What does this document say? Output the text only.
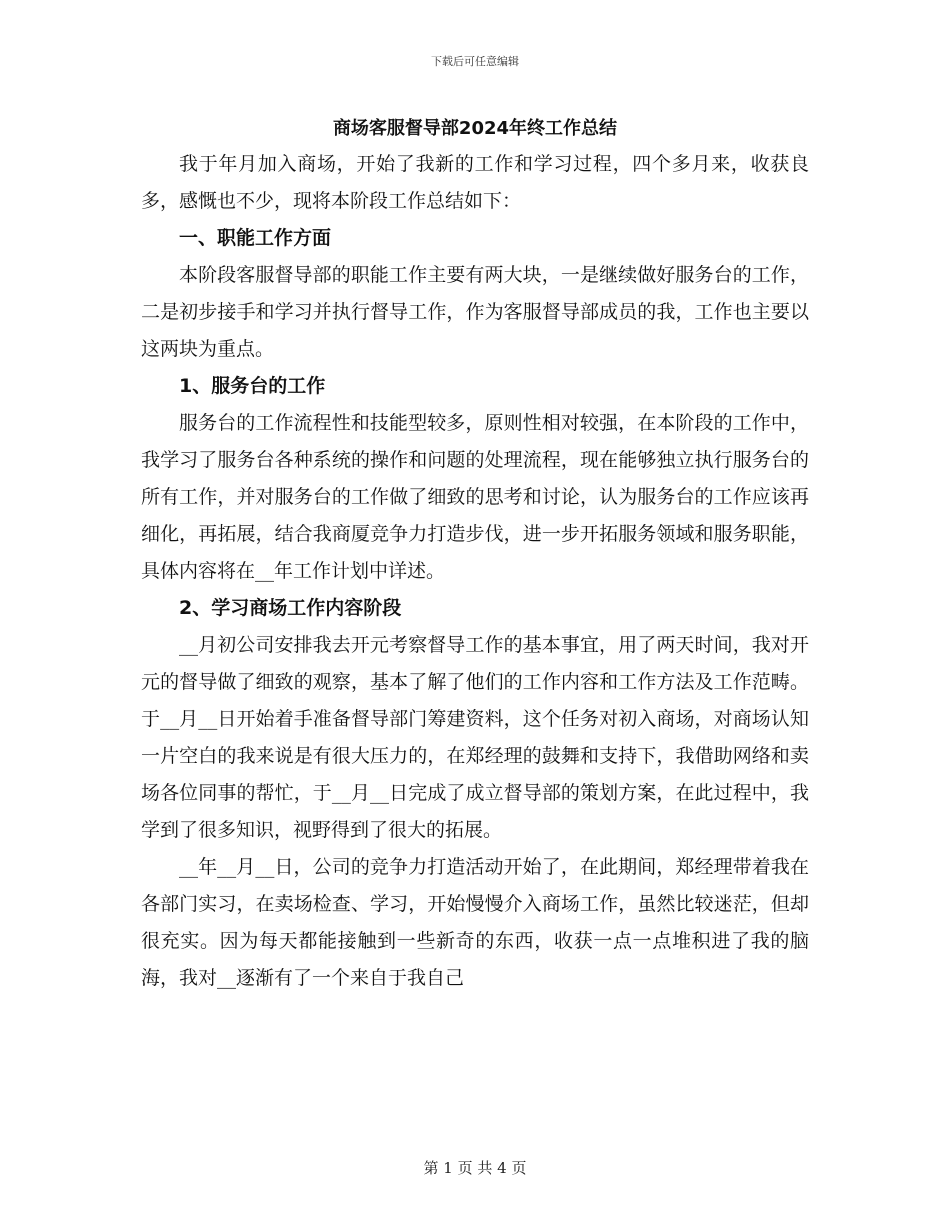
下载后可任意编辑
商场客服督导部2024年终工作总结

我于年月加入商场，开始了我新的工作和学习过程，四个多月来，收获良多，感慨也不少，现将本阶段工作总结如下：

一、职能工作方面

本阶段客服督导部的职能工作主要有两大块，一是继续做好服务台的工作，二是初步接手和学习并执行督导工作，作为客服督导部成员的我，工作也主要以这两块为重点。

1、服务台的工作

服务台的工作流程性和技能型较多，原则性相对较强，在本阶段的工作中，我学习了服务台各种系统的操作和问题的处理流程，现在能够独立执行服务台的所有工作，并对服务台的工作做了细致的思考和讨论，认为服务台的工作应该再细化，再拓展，结合我商厦竞争力打造步伐，进一步开拓服务领域和服务职能，具体内容将在__年工作计划中详述。

2、学习商场工作内容阶段

__月初公司安排我去开元考察督导工作的基本事宜，用了两天时间，我对开元的督导做了细致的观察，基本了解了他们的工作内容和工作方法及工作范畴。于__月__日开始着手准备督导部门筹建资料，这个任务对初入商场，对商场认知一片空白的我来说是有很大压力的，在郑经理的鼓舞和支持下，我借助网络和卖场各位同事的帮忙，于__月__日完成了成立督导部的策划方案，在此过程中，我学到了很多知识，视野得到了很大的拓展。

__年__月__日，公司的竞争力打造活动开始了，在此期间，郑经理带着我在各部门实习，在卖场检查、学习，开始慢慢介入商场工作，虽然比较迷茫，但却很充实。因为每天都能接触到一些新奇的东西，收获一点一点堆积进了我的脑海，我对__逐渐有了一个来自于我自己

第 1 页 共 4 页
